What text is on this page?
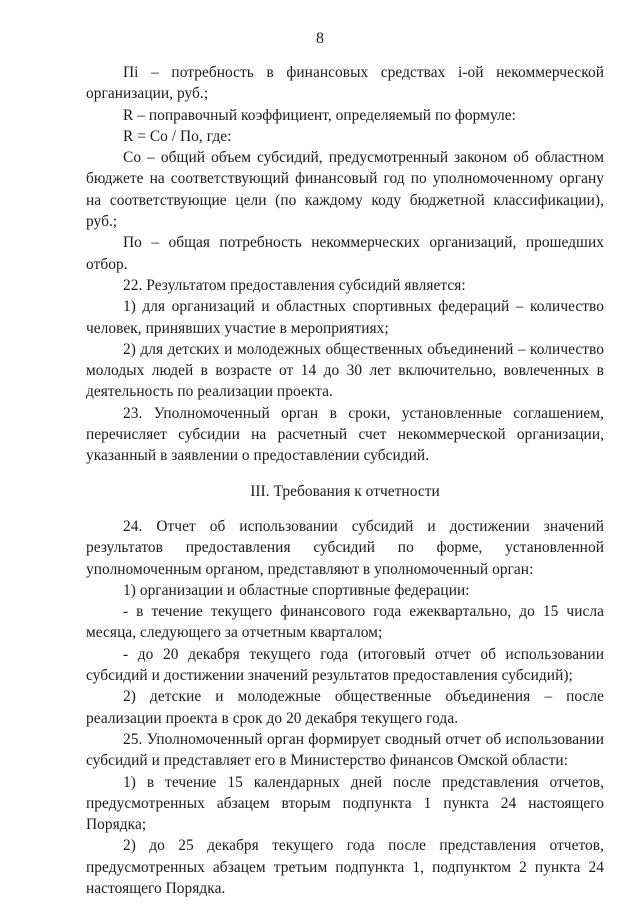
8

Пi – потребность в финансовых средствах i-ой некоммерческой организации, руб.;

R – поправочный коэффициент, определяемый по формуле:

R = Со / По, где:

Со – общий объем субсидий, предусмотренный законом об областном бюджете на соответствующий финансовый год по уполномоченному органу на соответствующие цели (по каждому коду бюджетной классификации), руб.;

По – общая потребность некоммерческих организаций, прошедших отбор.

22. Результатом предоставления субсидий является:

1) для организаций и областных спортивных федераций – количество человек, принявших участие в мероприятиях;

2) для детских и молодежных общественных объединений – количество молодых людей в возрасте от 14 до 30 лет включительно, вовлеченных в деятельность по реализации проекта.

23. Уполномоченный орган в сроки, установленные соглашением, перечисляет субсидии на расчетный счет некоммерческой организации, указанный в заявлении о предоставлении субсидий.

III. Требования к отчетности

24. Отчет об использовании субсидий и достижении значений результатов предоставления субсидий по форме, установленной уполномоченным органом, представляют в уполномоченный орган:

1) организации и областные спортивные федерации:

- в течение текущего финансового года ежеквартально, до 15 числа месяца, следующего за отчетным кварталом;

- до 20 декабря текущего года (итоговый отчет об использовании субсидий и достижении значений результатов предоставления субсидий);

2) детские и молодежные общественные объединения – после реализации проекта в срок до 20 декабря текущего года.

25. Уполномоченный орган формирует сводный отчет об использовании субсидий и представляет его в Министерство финансов Омской области:

1) в течение 15 календарных дней после представления отчетов, предусмотренных абзацем вторым подпункта 1 пункта 24 настоящего Порядка;

2) до 25 декабря текущего года после представления отчетов, предусмотренных абзацем третьим подпункта 1, подпунктом 2 пункта 24 настоящего Порядка.
